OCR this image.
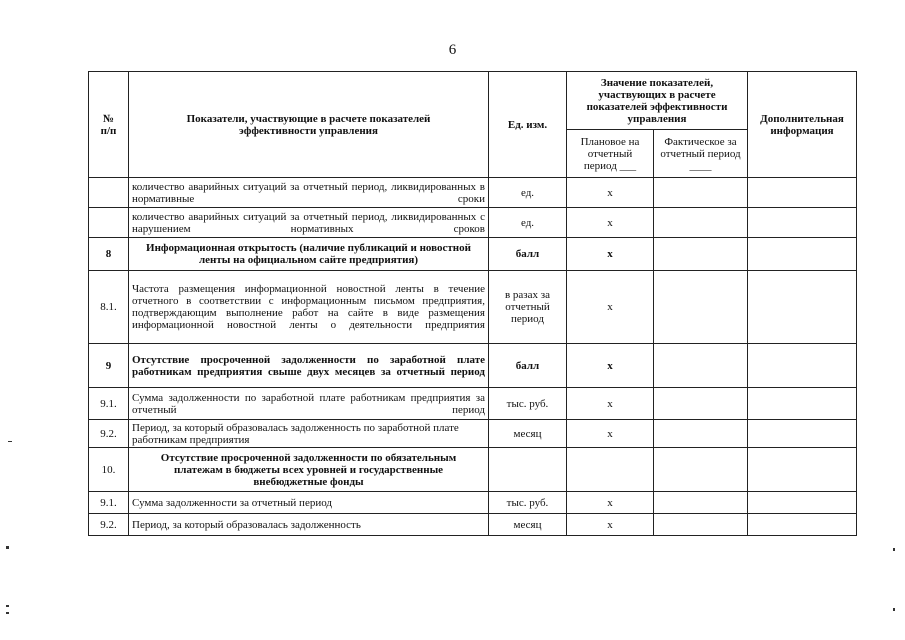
6
№
п/п	Показатели, участвующие в расчете показателей эффективности управления	Ед. изм.	Значение показателей, участвующих в расчете показателей эффективности управления		Дополнительная информация
			Плановое на отчетный период ___	Фактическое за отчетный период ____	
	количество аварийных ситуаций за отчетный период, ликвидированных в нормативные сроки	ед.	х		
	количество аварийных ситуаций за отчетный период, ликвидированных с нарушением нормативных сроков	ед.	х		
8	Информационная открытость (наличие публикаций и новостной ленты на официальном сайте предприятия)	балл	х		
8.1.	Частота размещения информационной новостной ленты в течение отчетного в соответствии с информационным письмом предприятия, подтверждающим выполнение работ на сайте в виде размещения информационной новостной ленты о деятельности предприятия	в разах за отчетный период	х		
9	Отсутствие просроченной задолженности по заработной плате работникам предприятия свыше двух месяцев за отчетный период	балл	х		
9.1.	Сумма задолженности по заработной плате работникам предприятия за отчетный период	тыс. руб.	х		
9.2.	Период, за который образовалась задолженность по заработной плате работникам предприятия	месяц	х		
10.	Отсутствие просроченной задолженности по обязательным платежам в бюджеты всех уровней и государственные внебюджетные фонды				
9.1.	Сумма задолженности за отчетный период	тыс. руб.	х		
9.2.	Период, за который образовалась задолженность	месяц	х		
